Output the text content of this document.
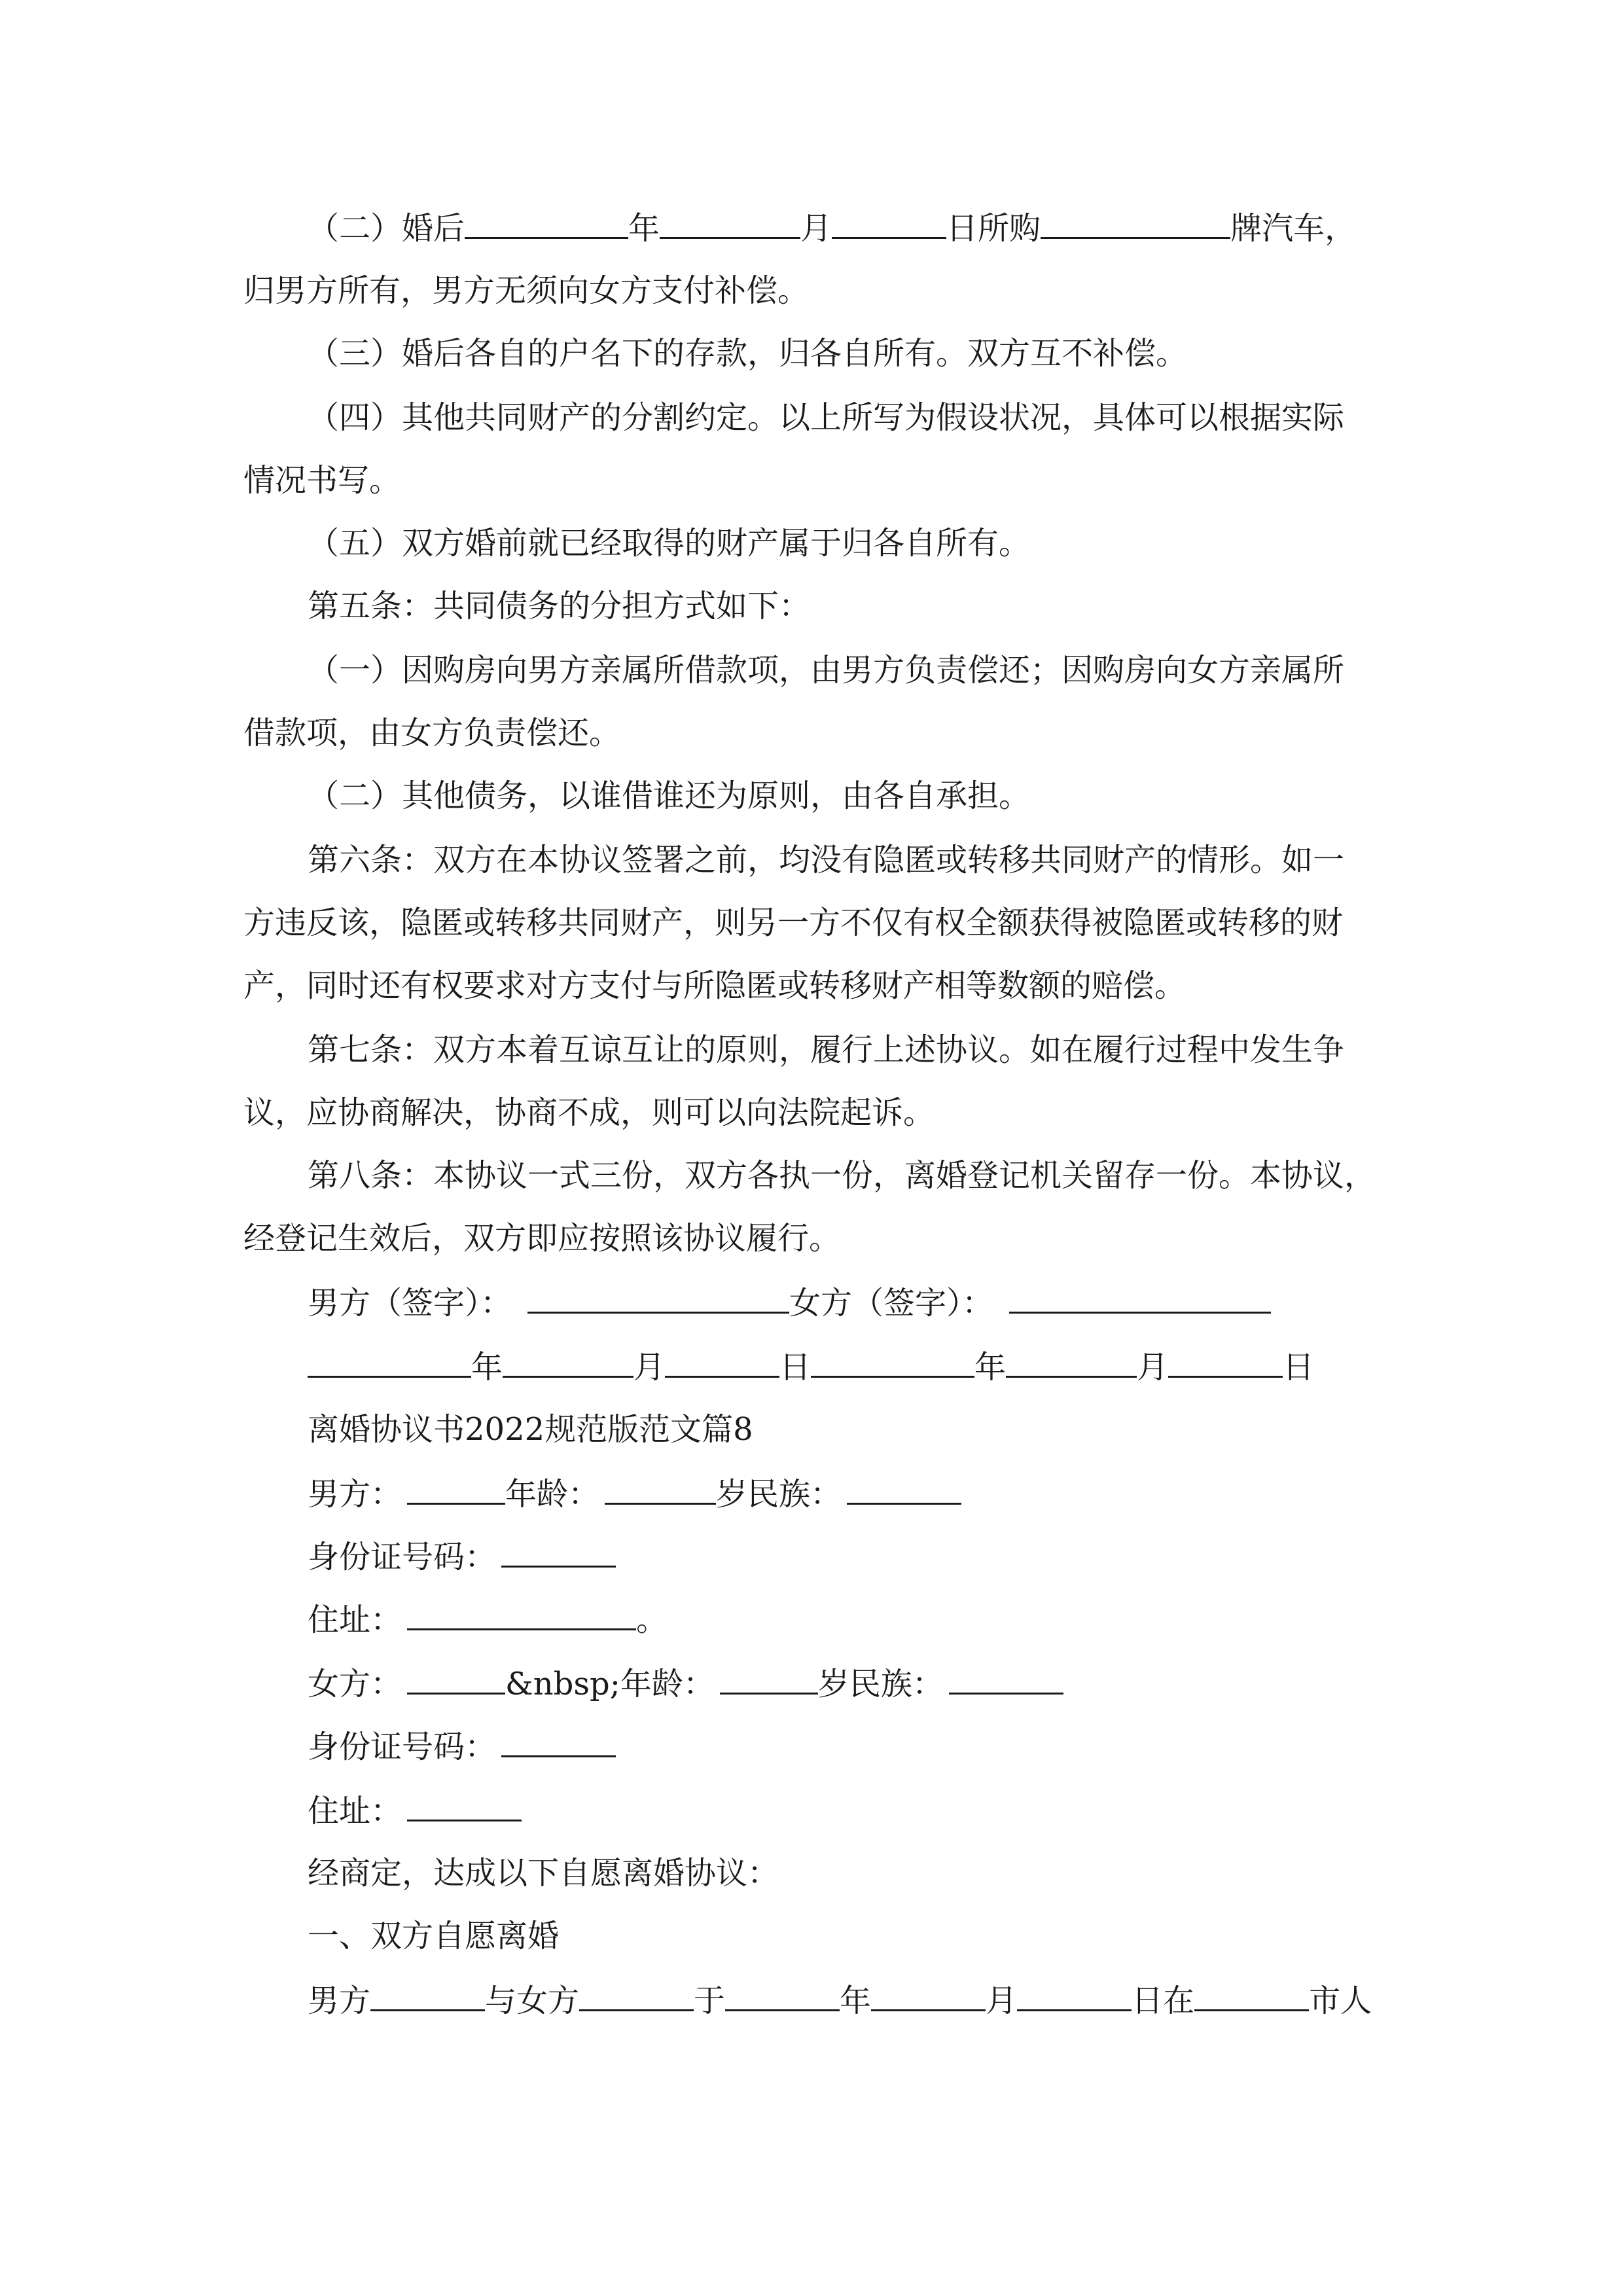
（二）婚后	年	月	日所购	牌汽车，
归男方所有，男方无须向女方支付补偿。
（三）婚后各自的户名下的存款，归各自所有。双方互不补偿。
（四）其他共同财产的分割约定。以上所写为假设状况，具体可以根据实际
情况书写。
（五）双方婚前就已经取得的财产属于归各自所有。
第五条：共同债务的分担方式如下：
（一）因购房向男方亲属所借款项，由男方负责偿还；因购房向女方亲属所
借款项，由女方负责偿还。
（二）其他债务，以谁借谁还为原则，由各自承担。
第六条：双方在本协议签署之前，均没有隐匿或转移共同财产的情形。如一
方违反该，隐匿或转移共同财产，则另一方不仅有权全额获得被隐匿或转移的财
产，同时还有权要求对方支付与所隐匿或转移财产相等数额的赔偿。
第七条：双方本着互谅互让的原则，履行上述协议。如在履行过程中发生争
议，应协商解决，协商不成，则可以向法院起诉。
第八条：本协议一式三份，双方各执一份，离婚登记机关留存一份。本协议，
经登记生效后，双方即应按照该协议履行。
男方（签字）：	女方（签字）：
年	月	日	年	月	日
离婚协议书2022规范版范文篇8
男方：	年龄：	岁民族：
身份证号码：
住址：	。
女方：	&nbsp;年龄：	岁民族：
身份证号码：
住址：
经商定，达成以下自愿离婚协议：
一、双方自愿离婚
男方	与女方	于	年	月	日在	市人
